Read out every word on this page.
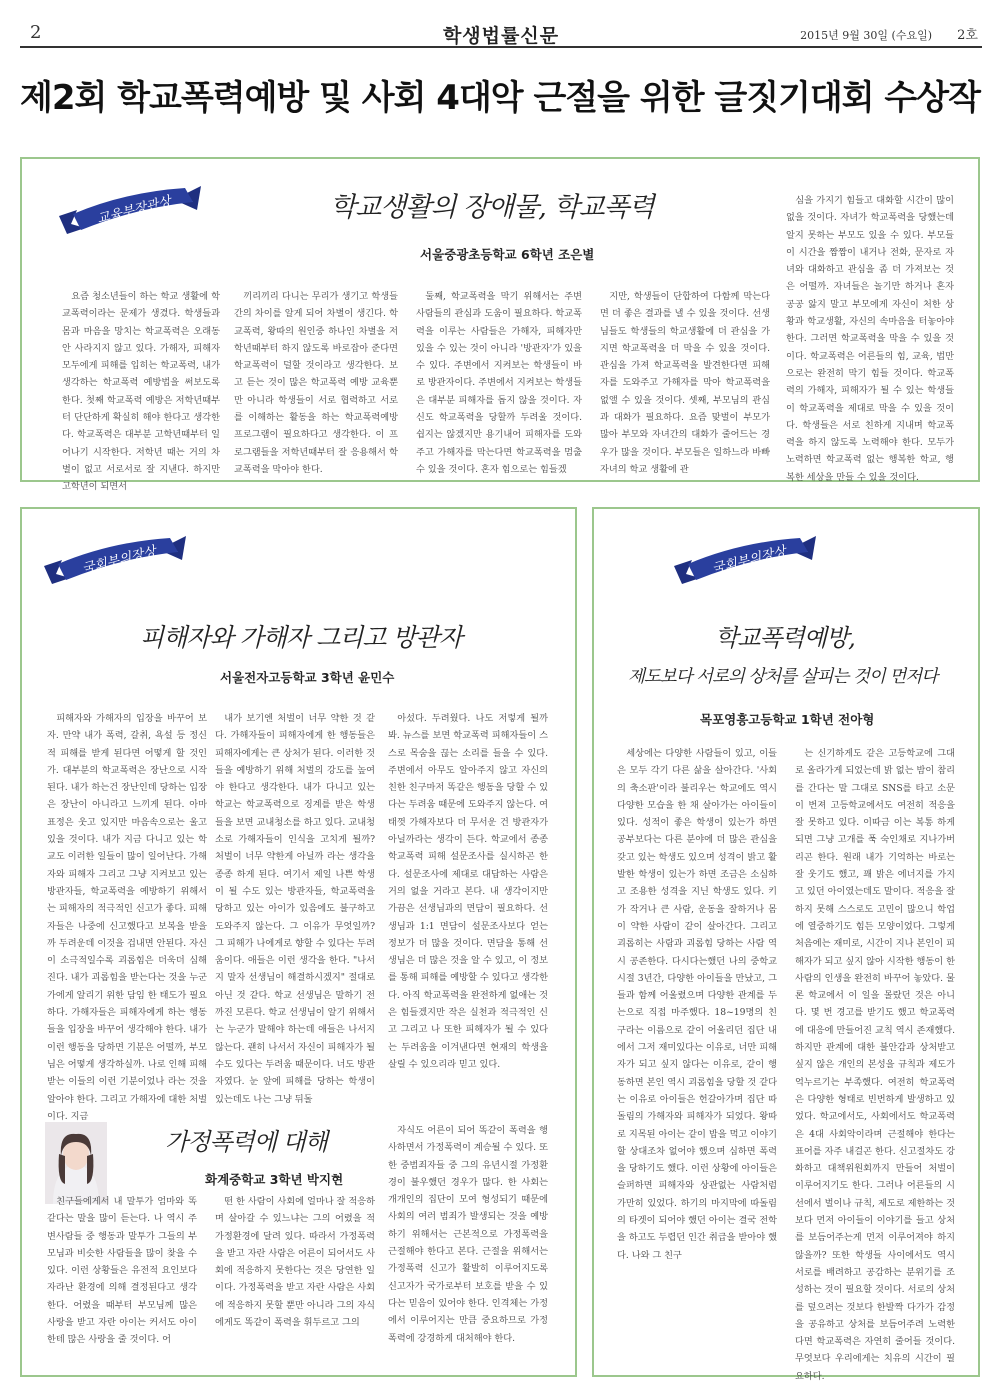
2	학생법률신문	2015년 9월 30일 (수요일) 2호
제2회 학교폭력예방 및 사회 4대악 근절을 위한 글짓기대회 수상작
교육부장관상	학교생활의 장애물, 학교폭력
서울중광초등학교 6학년 조은별

요즘 청소년들이 하는 학교 생활에 학교폭력이라는 문제가 생겼다. 학생들과 몸과 마음을 망치는 학교폭력은 오래동안 사라지지 않고 있다. 가해자, 피해자 모두에게 피해를 입히는 학교폭력, 내가 생각하는 학교폭력 예방법을 써보도록 한다. 첫째 학교폭력 예방은 저학년때부터 단단하게 확실히 해야 한다고 생각한다. 학교폭력은 대부분 고학년때부터 일어나기 시작한다. 저학년 때는 거의 차별이 없고 서로서로 잘 지낸다. 하지만 고학년이 되면서

끼리끼리 다니는 무리가 생기고 학생들간의 차이를 알게 되어 차별이 생긴다. 학교폭력, 왕따의 원인중 하나인 차별을 저학년때부터 하지 않도록 바로잡아 준다면 학교폭력이 덜할 것이라고 생각한다. 보고 듣는 것이 많은 학교폭력 예방 교육뿐만 아니라 학생들이 서로 협력하고 서로를 이해하는 활동을 하는 학교폭력예방 프로그램이 필요하다고 생각한다. 이 프로그램들을 저학년때부터 잘 응용해서 학교폭력을 막아야 한다.

둘째, 학교폭력을 막기 위해서는 주변 사람들의 관심과 도움이 필요하다. 학교폭력을 이루는 사람들은 가해자, 피해자만 있을 수 있는 것이 아니라 '방관자'가 있을 수 있다. 주변에서 지켜보는 학생들이 바로 방관자이다. 주변에서 지켜보는 학생들은 대부분 피해자를 돕지 않을 것이다. 자신도 학교폭력을 당할까 두려울 것이다. 쉽지는 않겠지만 용기내어 피해자를 도와주고 가해자를 막는다면 학교폭력을 멈출 수 있을 것이다. 혼자 힘으로는 힘들겠

지만, 학생들이 단합하여 다함께 막는다면 더 좋은 결과를 낼 수 있을 것이다. 선생님들도 학생들의 학교생활에 더 관심을 가지면 학교폭력을 더 막을 수 있을 것이다. 관심을 가져 학교폭력을 발견한다면 피해자를 도와주고 가해자를 막아 학교폭력을 없앨 수 있을 것이다. 셋째, 부모님의 관심과 대화가 필요하다. 요즘 맞벌이 부모가 많아 부모와 자녀간의 대화가 줄어드는 경우가 많을 것이다. 부모들은 일하느라 바빠 자녀의 학교 생활에 관

심을 가지기 힘들고 대화할 시간이 많이 없을 것이다. 자녀가 학교폭력을 당했는데 알지 못하는 부모도 있을 수 있다. 부모들이 시간을 짬짬이 내거나 전화, 문자로 자녀와 대화하고 관심을 좀 더 가져보는 것은 어떨까. 자녀들은 놀기만 하거나 혼자 공공 앓지 말고 부모에게 자신이 처한 상황과 학교생활, 자신의 속마음을 터놓아야 한다. 그러면 학교폭력을 막을 수 있을 것이다. 학교폭력은 어른들의 힘, 교육, 법만으로는 완전히 막기 힘들 것이다. 학교폭력의 가해자, 피해자가 될 수 있는 학생들이 학교폭력을 제대로 막을 수 있을 것이다. 학생들은 서로 친하게 지내며 학교폭력을 하지 않도록 노력해야 한다. 모두가 노력하면 학교폭력 없는 행복한 학교, 행복한 세상을 만들 수 있을 것이다.

국회부의장상
피해자와 가해자 그리고 방관자
서울전자고등학교 3학년 윤민수

피해자와 가해자의 입장을 바꾸어 보자. 만약 내가 폭력, 갈취, 욕설 등 정신적 피해를 받게 된다면 어떻게 할 것인가. 대부분의 학교폭력은 장난으로 시작된다. 내가 하는건 장난인데 당하는 입장은 장난이 아니라고 느끼게 된다. 아마 표정은 웃고 있지만 마음속으로는 울고 있을 것이다. 내가 지금 다니고 있는 학교도 이러한 일들이 많이 일어난다. 가해자와 피해자 그리고 그냥 지켜보고 있는 방관자들, 학교폭력을 예방하기 위해서는 피해자의 적극적인 신고가 좋다. 피해자들은 나중에 신고했다고 보복을 받을까 두려운데 이것을 겁내면 안된다. 자신이 소극적일수록 괴롭힘은 더욱더 심해진다. 내가 괴롭힘을 받는다는 것을 누군가에게 알리기 위한 담임 한 태도가 필요하다. 가해자들은 피해자에게 하는 행동들을 입장을 바꾸어 생각해야 한다. 내가 이런 행동을 당하면 기분은 어떨까, 부모님은 어떻게 생각하실까. 나로 인해 피해받는 이들의 이런 기분이었나 라는 것을 알아야 한다. 그리고 가해자에 대한 처벌이다. 지금

내가 보기엔 처벌이 너무 약한 것 같다. 가해자들이 피해자에게 한 행동들은 피해자에게는 큰 상처가 된다. 이러한 것들을 예방하기 위해 처벌의 강도를 높여야 한다고 생각한다. 내가 다니고 있는 학교는 학교폭력으로 징계를 받은 학생들을 보면 교내청소를 하고 있다. 교내청소로 가해자들이 인식을 고치게 될까? 처벌이 너무 약한게 아닐까 라는 생각을 종종 하게 된다. 여기서 제일 나쁜 학생이 될 수도 있는 방관자들, 학교폭력을 당하고 있는 아이가 있음에도 불구하고 도와주지 않는다. 그 이유가 무엇일까? 그 피해가 나에게로 향할 수 있다는 두려움이다. 애들은 이런 생각을 한다. "나서지 말자 선생님이 해결하시겠지" 절대로 아닌 것 같다. 학교 선생님은 말하기 전까진 모른다. 학교 선생님이 알기 위해서는 누군가 말해야 하는데 애들은 나서지 않는다. 괜히 나서서 자신이 피해자가 될 수도 있다는 두려움 때문이다. 너도 방관자였다. 눈 앞에 피해를 당하는 학생이 있는데도 나는 그냥 뒤돌

아섰다. 두려웠다. 나도 저렇게 될까봐. 뉴스를 보면 학교폭력 피해자들이 스스로 목숨을 끊는 소리를 들을 수 있다. 주변에서 아무도 알아주지 않고 자신의 친한 친구마저 똑같은 행동을 당할 수 있다는 두려움 때문에 도와주지 않는다. 여태껏 가해자보다 더 무서운 건 방관자가 아닐까라는 생각이 든다. 학교에서 종종 학교폭력 피해 설문조사를 실시하곤 한다. 설문조사에 제대로 대답하는 사람은 거의 없을 거라고 본다. 내 생각이지만 가끔은 선생님과의 면담이 필요하다. 선생님과 1:1 면담이 설문조사보다 얻는 정보가 더 많을 것이다. 면담을 통해 선생님은 더 많은 것을 알 수 있고, 이 정보를 통해 피해를 예방할 수 있다고 생각한다. 아직 학교폭력을 완전하게 없애는 것은 힘들겠지만 작은 실천과 적극적인 신고 그리고 나 또한 피해자가 될 수 있다는 두려움을 이겨낸다면 현재의 학생을 살릴 수 있으리라 믿고 있다.

가정폭력에 대해
화계중학교 3학년 박지현

친구들에게서 내 말투가 엄마와 똑같다는 말을 많이 듣는다. 나 역시 주변사람들 중 행동과 말투가 그들의 부모님과 비슷한 사람들을 많이 찾을 수 있다. 이런 상황들은 유전적 요인보다 자라난 환경에 의해 결정된다고 생각한다. 어렸을 때부터 부모님께 많은 사랑을 받고 자란 아이는 커서도 아이한테 많은 사랑을 줄 것이다. 어

떤 한 사람이 사회에 얼마나 잘 적응하며 살아갈 수 있느냐는 그의 어렸을 적 가정환경에 달려 있다. 따라서 가정폭력을 받고 자란 사람은 어른이 되어서도 사회에 적응하지 못한다는 것은 당연한 일이다. 가정폭력을 받고 자란 사람은 사회에 적응하지 못할 뿐만 아니라 그의 자식에게도 똑같이 폭력을 휘두르고 그의

자식도 어른이 되어 똑같이 폭력을 행사하면서 가정폭력이 계승될 수 있다. 또한 중범죄자들 중 그의 유년시절 가정환경이 불우했던 경우가 많다. 한 사회는 개개인의 집단이 모여 형성되기 때문에 사회의 여러 범죄가 발생되는 것을 예방하기 위해서는 근본적으로 가정폭력을 근절해야 한다고 본다. 근절을 위해서는 가정폭력 신고가 활발히 이루어지도록 신고자가 국가로부터 보호를 받을 수 있다는 믿음이 있어야 한다. 인격체는 가정에서 이루어지는 만큼 중요하므로 가정폭력에 강경하게 대처해야 한다.

국회부의장상
학교폭력예방,
제도보다 서로의 상처를 살피는 것이 먼저다
목포영흥고등학교 1학년 전아형

세상에는 다양한 사람들이 있고, 이들은 모두 각기 다른 삶을 살아간다. '사회의 축소판'이라 불리우는 학교에도 역시 다양한 모습을 한 채 살아가는 아이들이 있다. 성적이 좋은 학생이 있는가 하면 공부보다는 다른 분야에 더 많은 관심을 갖고 있는 학생도 있으며 성격이 밝고 활발한 학생이 있는가 하면 조금은 소심하고 조용한 성격을 지닌 학생도 있다. 키가 작거나 큰 사람, 운동을 잘하거나 몸이 약한 사람이 같이 살아간다. 그리고 괴롭히는 사람과 괴롭힘 당하는 사람 역시 공존한다. 다시다는했던 나의 중학교 시절 3년간, 다양한 아이들을 만났고, 그들과 함께 어울렸으며 다양한 관계를 두는으로 직접 마주했다. 18~19명의 친구라는 이름으로 같이 어울리던 집단 내에서 그저 재미있다는 이유로, 너만 피해자가 되고 싶지 않다는 이유로, 같이 행동하면 본인 역시 괴롭힘을 당할 것 같다는 이유로 아이들은 헌갈아가며 집단 따돌림의 가해자와 피해자가 되었다. 왕따로 지목된 아이는 같이 밥을 먹고 이야기할 상대조차 없어야 했으며 심하면 폭력을 당하기도 했다. 이런 상황에 아이들은 슬퍼하면 피해자와 상관없는 사람처럼 가만히 있었다. 하기의 마지막에 따돌림의 타겟이 되어야 했던 아이는 결국 전학을 하고도 두렵던 인간 취급을 받아야 했다. 나와 그 친구

는 신기하게도 같은 고등학교에 그대로 올라가게 되었는데 밝 없는 밤이 참리를 간다는 말 그대로 SNS를 타고 소문이 번져 고등학교에서도 여전히 적응을 잘 못하고 있다. 이따금 이는 복통 하게 되면 그냥 고개를 푹 숙인채로 지나가버리곤 한다. 원래 내가 기억하는 바로는 잘 웃기도 했고, 꽤 밝은 에너지를 가지고 있던 아이였는데도 말이다. 적응을 잘하지 못해 스스로도 고민이 많으니 학업에 열중하기도 힘든 모양이었다. 그렇게 처음에는 재미로, 시간이 지나 본인이 피해자가 되고 싶지 않아 시작한 행동이 한 사람의 인생을 완전히 바꾸어 놓았다. 물론 학교에서 이 일을 몰랐던 것은 아니다. 몇 번 경고를 받기도 했고 학교폭력에 대응에 만들어진 교칙 역시 존재했다. 하지만 관계에 대한 불안감과 상처받고 싶지 않은 개인의 본성을 규칙과 제도가 억누르기는 부족했다. 여전히 학교폭력은 다양한 형태로 빈번하게 발생하고 있었다. 학교에서도, 사회에서도 학교폭력은 4대 사회악이라며 근절해야 한다는 표어를 자주 내걸곤 한다. 신고절차도 강화하고 대책위원회까지 만들어 처벌이 이루어지기도 한다. 그러나 어른들의 시선에서 벌이나 규칙, 제도로 제한하는 것보다 먼저 아이들이 이야기를 들고 상처를 보듬어주는게 먼저 이루어져야 하지 않을까? 또한 학생들 사이에서도 역시 서로를 배려하고 공감하는 분위기를 조성하는 것이 필요할 것이다. 서로의 상처를 덮으려는 것보다 한발짝 다가가 감정을 공유하고 상처를 보듬어주려 노력한다면 학교폭력은 자연히 줄어들 것이다. 무엇보다 우리에게는 치유의 시간이 필요하다.
